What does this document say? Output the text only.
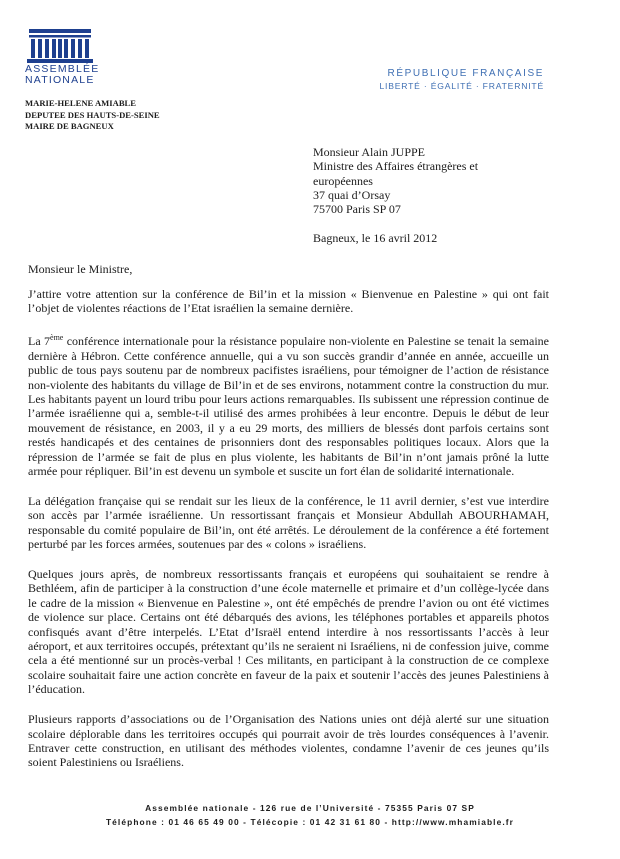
ASSEMBLÉE
NATIONALE
MARIE-HELENE AMIABLE
DEPUTEE DES HAUTS-DE-SEINE
MAIRE DE BAGNEUX
RÉPUBLIQUE FRANÇAISE
LIBERTÉ · ÉGALITÉ · FRATERNITÉ
Monsieur Alain JUPPE
Ministre des Affaires étrangères et
européennes
37 quai d’Orsay
75700 Paris SP 07
Bagneux, le 16 avril 2012
Monsieur le Ministre,

J’attire votre attention sur la conférence de Bil’in et la mission « Bienvenue en Palestine » qui ont fait l’objet de violentes réactions de l’Etat israélien la semaine dernière.

La 7ème conférence internationale pour la résistance populaire non-violente en Palestine se tenait la semaine dernière à Hébron. Cette conférence annuelle, qui a vu son succès grandir d’année en année, accueille un public de tous pays soutenu par de nombreux pacifistes israéliens, pour témoigner de l’action de résistance non-violente des habitants du village de Bil’in et de ses environs, notamment contre la construction du mur. Les habitants payent un lourd tribu pour leurs actions remarquables. Ils subissent une répression continue de l’armée israélienne qui a, semble-t-il utilisé des armes prohibées à leur encontre. Depuis le début de leur mouvement de résistance, en 2003, il y a eu 29 morts, des milliers de blessés dont parfois certains sont restés handicapés et des centaines de prisonniers dont des responsables politiques locaux. Alors que la répression de l’armée se fait de plus en plus violente, les habitants de Bil’in n’ont jamais prôné la lutte armée pour répliquer. Bil’in est devenu un symbole et suscite un fort élan de solidarité internationale.

La délégation française qui se rendait sur les lieux de la conférence, le 11 avril dernier, s’est vue interdire son accès par l’armée israélienne. Un ressortissant français et Monsieur Abdullah ABOURHAMAH, responsable du comité populaire de Bil’in, ont été arrêtés. Le déroulement de la conférence a été fortement perturbé par les forces armées, soutenues par des « colons » israéliens.

Quelques jours après, de nombreux ressortissants français et européens qui souhaitaient se rendre à Bethléem, afin de participer à la construction d’une école maternelle et primaire et d’un collège-lycée dans le cadre de la mission « Bienvenue en Palestine », ont été empêchés de prendre l’avion ou ont été victimes de violence sur place. Certains ont été débarqués des avions, les téléphones portables et appareils photos confisqués avant d’être interpelés. L’Etat d’Israël entend interdire à nos ressortissants l’accès à leur aéroport, et aux territoires occupés, prétextant qu’ils ne seraient ni Israéliens, ni de confession juive, comme cela a été mentionné sur un procès-verbal ! Ces militants, en participant à la construction de ce complexe scolaire souhaitait faire une action concrète en faveur de la paix et soutenir l’accès des jeunes Palestiniens à l’éducation.

Plusieurs rapports d’associations ou de l’Organisation des Nations unies ont déjà alerté sur une situation scolaire déplorable dans les territoires occupés qui pourrait avoir de très lourdes conséquences à l’avenir. Entraver cette construction, en utilisant des méthodes violentes, condamne l’avenir de ces jeunes qu’ils soient Palestiniens ou Israéliens.

Assemblée nationale - 126 rue de l’Université - 75355 Paris 07 SP
Téléphone : 01 46 65 49 00 - Télécopie : 01 42 31 61 80 - http://www.mhamiable.fr
